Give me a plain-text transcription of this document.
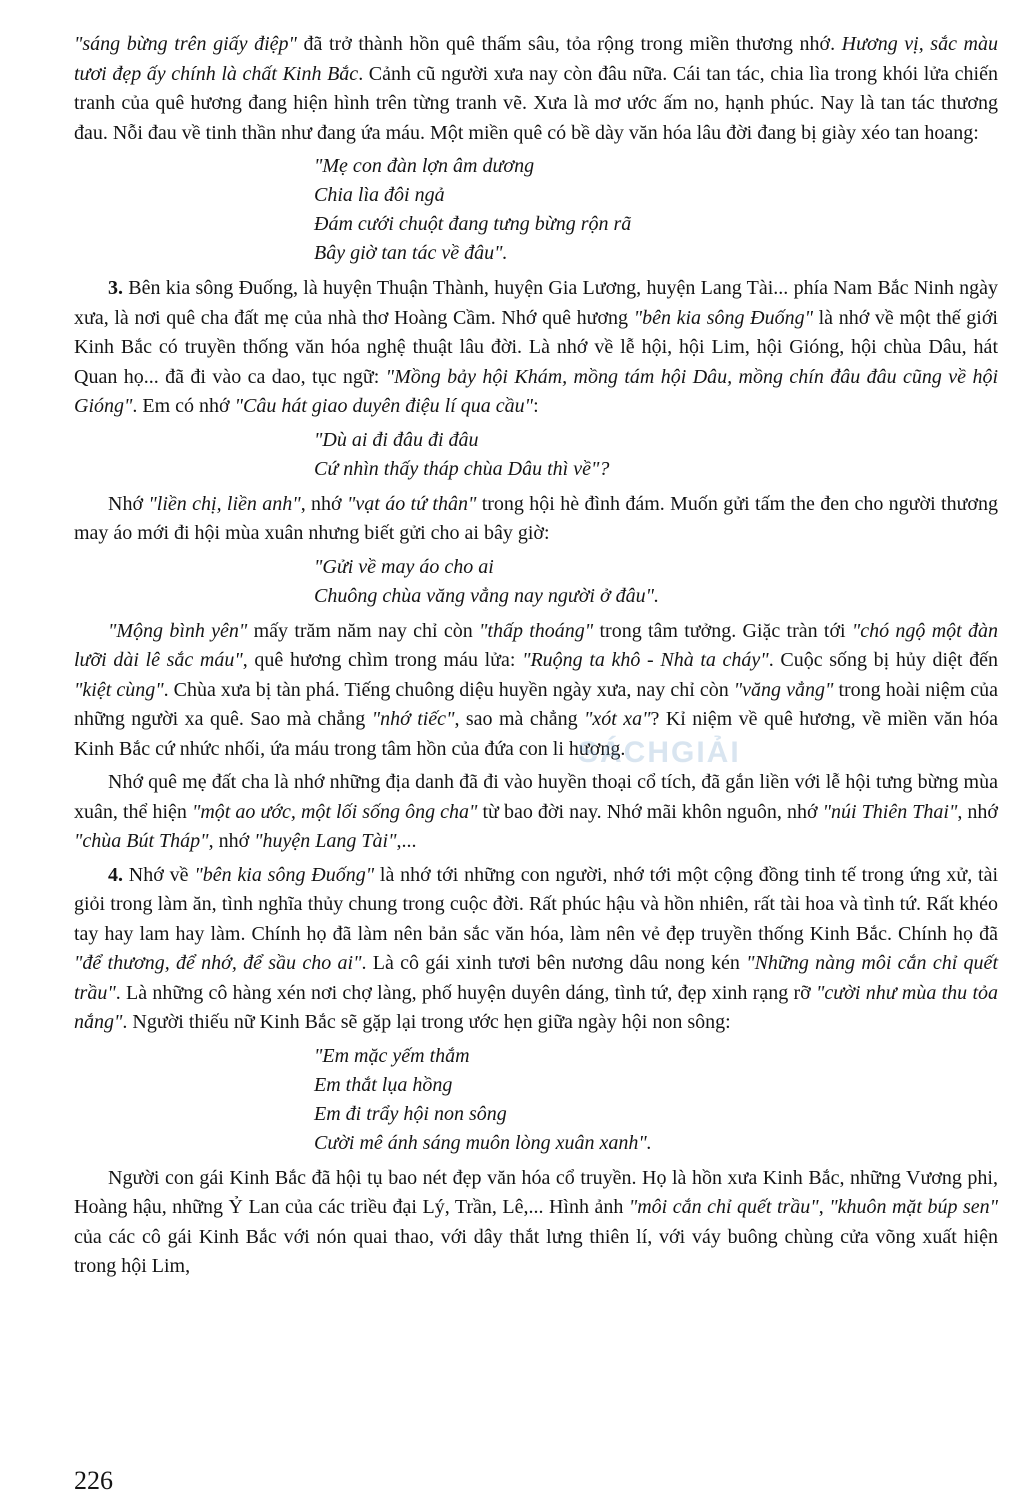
"sáng bừng trên giấy điệp" đã trở thành hồn quê thấm sâu, tỏa rộng trong miền thương nhớ. Hương vị, sắc màu tươi đẹp ấy chính là chất Kinh Bắc. Cảnh cũ người xưa nay còn đâu nữa. Cái tan tác, chia lìa trong khói lửa chiến tranh của quê hương đang hiện hình trên từng tranh vẽ. Xưa là mơ ước ấm no, hạnh phúc. Nay là tan tác thương đau. Nỗi đau về tinh thần như đang ứa máu. Một miền quê có bề dày văn hóa lâu đời đang bị giày xéo tan hoang:

"Mẹ con đàn lợn âm dương
Chia lìa đôi ngả
Đám cưới chuột đang tưng bừng rộn rã
Bây giờ tan tác về đâu".

3. Bên kia sông Đuống, là huyện Thuận Thành, huyện Gia Lương, huyện Lang Tài... phía Nam Bắc Ninh ngày xưa, là nơi quê cha đất mẹ của nhà thơ Hoàng Cầm. Nhớ quê hương "bên kia sông Đuống" là nhớ về một thế giới Kinh Bắc có truyền thống văn hóa nghệ thuật lâu đời. Là nhớ về lễ hội, hội Lim, hội Gióng, hội chùa Dâu, hát Quan họ... đã đi vào ca dao, tục ngữ: "Mồng bảy hội Khám, mồng tám hội Dâu, mồng chín đâu đâu cũng về hội Gióng". Em có nhớ "Câu hát giao duyên điệu lí qua cầu":

"Dù ai đi đâu đi đâu
Cứ nhìn thấy tháp chùa Dâu thì về"?

Nhớ "liền chị, liền anh", nhớ "vạt áo tứ thân" trong hội hè đình đám. Muốn gửi tấm the đen cho người thương may áo mới đi hội mùa xuân nhưng biết gửi cho ai bây giờ:

"Gửi về may áo cho ai
Chuông chùa văng vẳng nay người ở đâu".

"Mộng bình yên" mấy trăm năm nay chỉ còn "thấp thoáng" trong tâm tưởng. Giặc tràn tới "chó ngộ một đàn lưỡi dài lê sắc máu", quê hương chìm trong máu lửa: "Ruộng ta khô - Nhà ta cháy". Cuộc sống bị hủy diệt đến "kiệt cùng". Chùa xưa bị tàn phá. Tiếng chuông diệu huyền ngày xưa, nay chỉ còn "văng vẳng" trong hoài niệm của những người xa quê. Sao mà chẳng "nhớ tiếc", sao mà chẳng "xót xa"? Kỉ niệm về quê hương, về miền văn hóa Kinh Bắc cứ nhức nhối, ứa máu trong tâm hồn của đứa con li hương.

Nhớ quê mẹ đất cha là nhớ những địa danh đã đi vào huyền thoại cổ tích, đã gắn liền với lễ hội tưng bừng mùa xuân, thể hiện "một ao ước, một lối sống ông cha" từ bao đời nay. Nhớ mãi khôn nguôn, nhớ "núi Thiên Thai", nhớ "chùa Bút Tháp", nhớ "huyện Lang Tài",...

4. Nhớ về "bên kia sông Đuống" là nhớ tới những con người, nhớ tới một cộng đồng tinh tế trong ứng xử, tài giỏi trong làm ăn, tình nghĩa thủy chung trong cuộc đời. Rất phúc hậu và hồn nhiên, rất tài hoa và tình tứ. Rất khéo tay hay lam hay làm. Chính họ đã làm nên bản sắc văn hóa, làm nên vẻ đẹp truyền thống Kinh Bắc. Chính họ đã "để thương, để nhớ, để sầu cho ai". Là cô gái xinh tươi bên nương dâu nong kén "Những nàng môi cắn chỉ quết trầu". Là những cô hàng xén nơi chợ làng, phố huyện duyên dáng, tình tứ, đẹp xinh rạng rỡ "cười như mùa thu tỏa nắng". Người thiếu nữ Kinh Bắc sẽ gặp lại trong ước hẹn giữa ngày hội non sông:

"Em mặc yếm thắm
Em thắt lụa hồng
Em đi trẩy hội non sông
Cười mê ánh sáng muôn lòng xuân xanh".

Người con gái Kinh Bắc đã hội tụ bao nét đẹp văn hóa cổ truyền. Họ là hồn xưa Kinh Bắc, những Vương phi, Hoàng hậu, những Ỷ Lan của các triều đại Lý, Trần, Lê,... Hình ảnh "môi cắn chỉ quết trầu", "khuôn mặt búp sen" của các cô gái Kinh Bắc với nón quai thao, với dây thắt lưng thiên lí, với váy buông chùng cửa võng xuất hiện trong hội Lim,

SÁCHGIẢI
226
